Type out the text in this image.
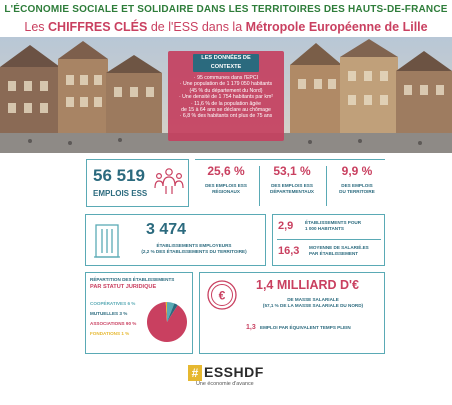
L'ÉCONOMIE SOCIALE ET SOLIDAIRE DANS LES TERRITOIRES DES HAUTS-DE-FRANCE
Les CHIFFRES CLÉS de l'ESS dans la Métropole Européenne de Lille
LES DONNÉES DE CONTEXTE
· 95 communes dans l'EPCI
· Une population de 1 179 050 habitants
(45 % du département du Nord)
· Une densité de 1 754 habitants par km²
· 11,6 % de la population âgée
de 15 à 64 ans se déclare au chômage
· 6,8 % des habitants ont plus de 75 ans
56 519
EMPLOIS ESS
25,6 %
DES EMPLOIS ESS
RÉGIONAUX
53,1 %
DES EMPLOIS ESS
DÉPARTEMENTAUX
9,9 %
DES EMPLOIS
DU TERRITOIRE
3 474
ÉTABLISSEMENTS EMPLOYEURS
(2,2 % DES ÉTABLISSEMENTS DU TERRITOIRE)
2,9	ÉTABLISSEMENTS POUR
1 000 HABITANTS
16,3 MOYENNE DE SALARIÉ.ES
PAR ÉTABLISSEMENT
RÉPARTITION DES ÉTABLISSEMENTS
PAR STATUT JURIDIQUE
COOPÉRATIVES 6 %
MUTUELLES 3 %
ASSOCIATIONS 90 %
FONDATIONS 1 %
€
1,4 MILLIARD D'€
DE MASSE SALARIALE
(57,1 % DE LA MASSE SALARIALE DU NORD)
1,3 EMPLOI PAR ÉQUIVALENT TEMPS PLEIN
# ESSHDF
Une économie d'avance
